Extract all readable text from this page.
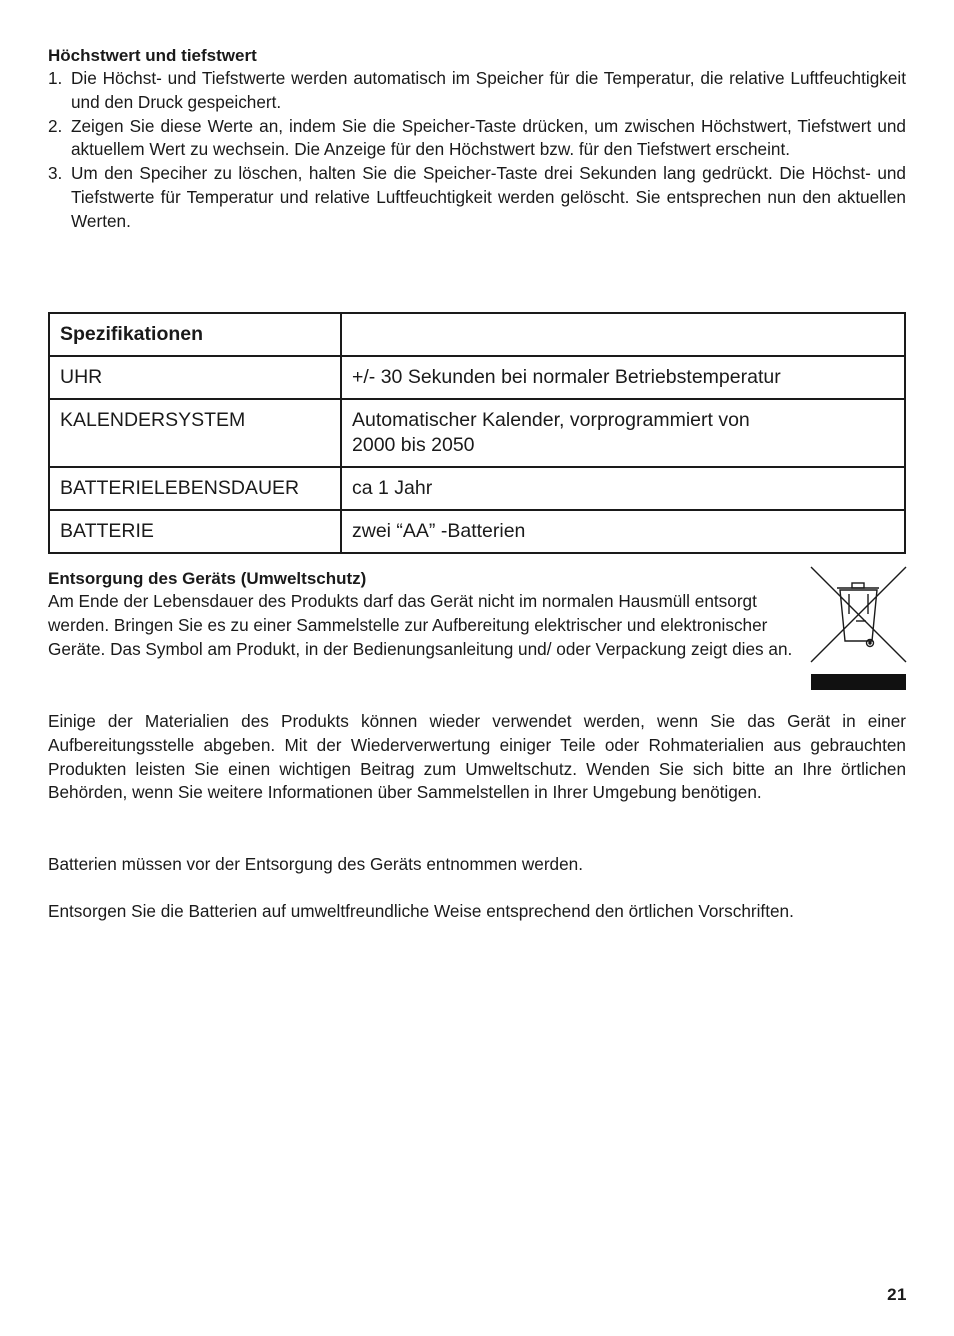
Höchstwert und tiefstwert
1. Die Höchst- und Tiefstwerte werden automatisch im Speicher für die Temperatur, die relative Luftfeuchtigkeit und den Druck gespeichert.
2. Zeigen Sie diese Werte an, indem Sie die Speicher-Taste drücken, um zwischen Höchstwert, Tiefstwert und aktuellem Wert zu wechsein. Die Anzeige für den Höchstwert bzw. für den Tiefstwert erscheint.
3. Um den Speciher zu löschen, halten Sie die Speicher-Taste drei Sekunden lang gedrückt. Die Höchst- und Tiefstwerte für Temperatur und relative Luftfeuchtigkeit werden gelöscht. Sie entsprechen nun den aktuellen Werten.
Spezifikationen	
UHR	+/- 30 Sekunden bei normaler Betriebstemperatur
KALENDERSYSTEM	Automatischer Kalender, vorprogrammiert von 2000 bis 2050
BATTERIELEBENSDAUER	ca 1 Jahr
BATTERIE	zwei “AA” -Batterien
Entsorgung des Geräts (Umweltschutz)
Am Ende der Lebensdauer des Produkts darf das Gerät nicht im normalen Hausmüll entsorgt werden. Bringen Sie es zu einer Sammelstelle zur Aufbereitung elektrischer und elektronischer Geräte. Das Symbol am Produkt, in der Bedienungsanleitung und/ oder Verpackung zeigt dies an.
Einige der Materialien des Produkts können wieder verwendet werden, wenn Sie das Gerät in einer Aufbereitungsstelle abgeben. Mit der Wiederverwertung einiger Teile oder Rohmaterialien aus gebrauchten Produkten leisten Sie einen wichtigen Beitrag zum Umweltschutz. Wenden Sie sich bitte an Ihre örtlichen Behörden, wenn Sie weitere Informationen über Sammelstellen in Ihrer Umgebung benötigen.
Batterien müssen vor der Entsorgung des Geräts entnommen werden.
Entsorgen Sie die Batterien auf umweltfreundliche Weise entsprechend den örtlichen Vorschriften.
21
